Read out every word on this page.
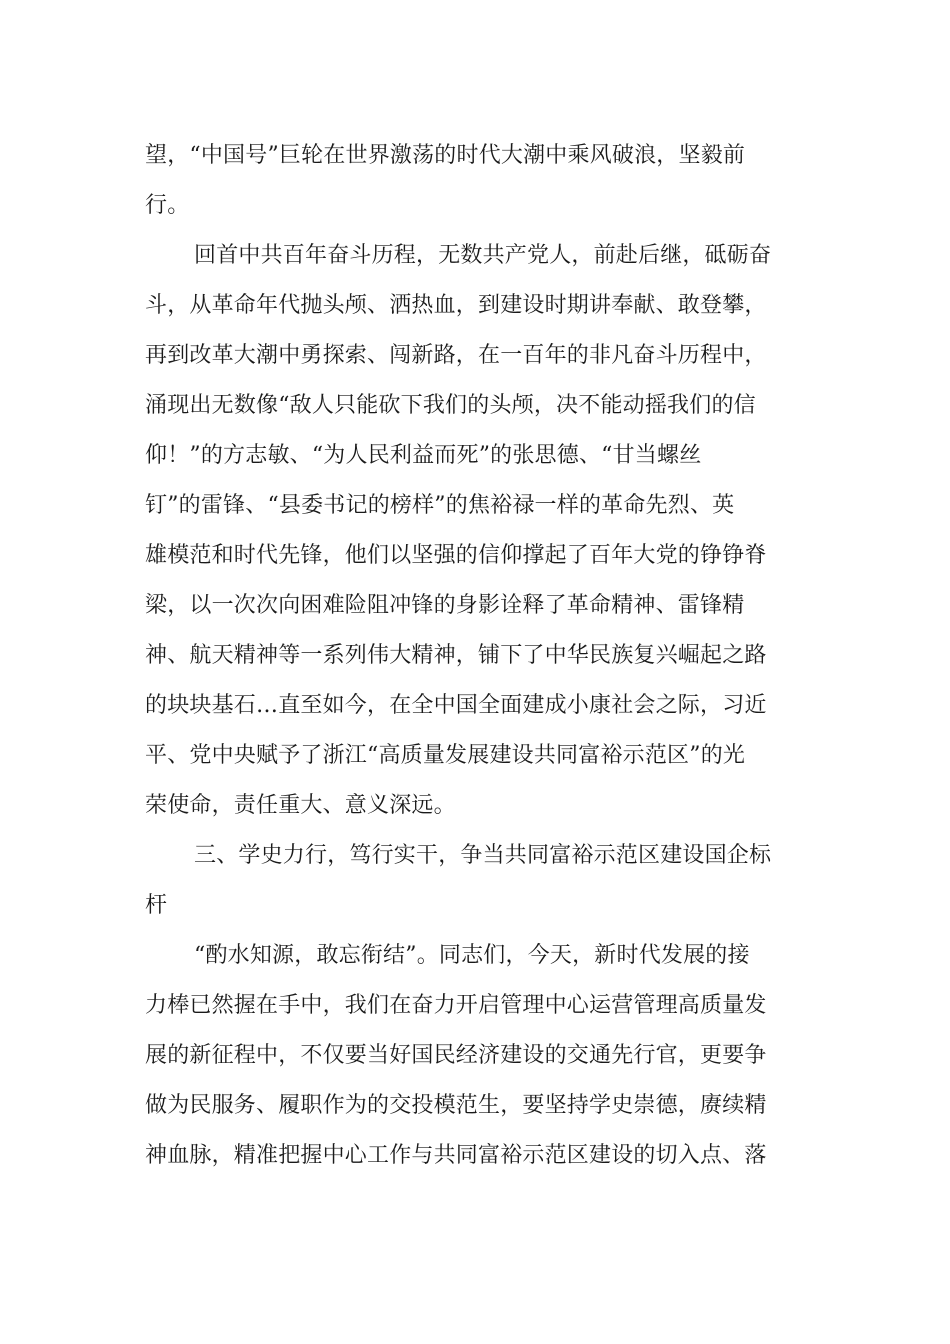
望，“中国号”巨轮在世界激荡的时代大潮中乘风破浪，坚毅前
行。
回首中共百年奋斗历程，无数共产党人，前赴后继，砥砺奋
斗，从革命年代抛头颅、洒热血，到建设时期讲奉献、敢登攀，
再到改革大潮中勇探索、闯新路，在一百年的非凡奋斗历程中，
涌现出无数像“敌人只能砍下我们的头颅，决不能动摇我们的信
仰！”的方志敏、“为人民利益而死”的张思德、“甘当螺丝
钉”的雷锋、“县委书记的榜样”的焦裕禄一样的革命先烈、英
雄模范和时代先锋，他们以坚强的信仰撑起了百年大党的铮铮脊
梁，以一次次向困难险阻冲锋的身影诠释了革命精神、雷锋精
神、航天精神等一系列伟大精神，铺下了中华民族复兴崛起之路
的块块基石…直至如今，在全中国全面建成小康社会之际，习近
平、党中央赋予了浙江“高质量发展建设共同富裕示范区”的光
荣使命，责任重大、意义深远。
三、学史力行，笃行实干，争当共同富裕示范区建设国企标
杆
“酌水知源，敢忘衔结”。同志们，今天，新时代发展的接
力棒已然握在手中，我们在奋力开启管理中心运营管理高质量发
展的新征程中，不仅要当好国民经济建设的交通先行官，更要争
做为民服务、履职作为的交投模范生，要坚持学史崇德，赓续精
神血脉，精准把握中心工作与共同富裕示范区建设的切入点、落
